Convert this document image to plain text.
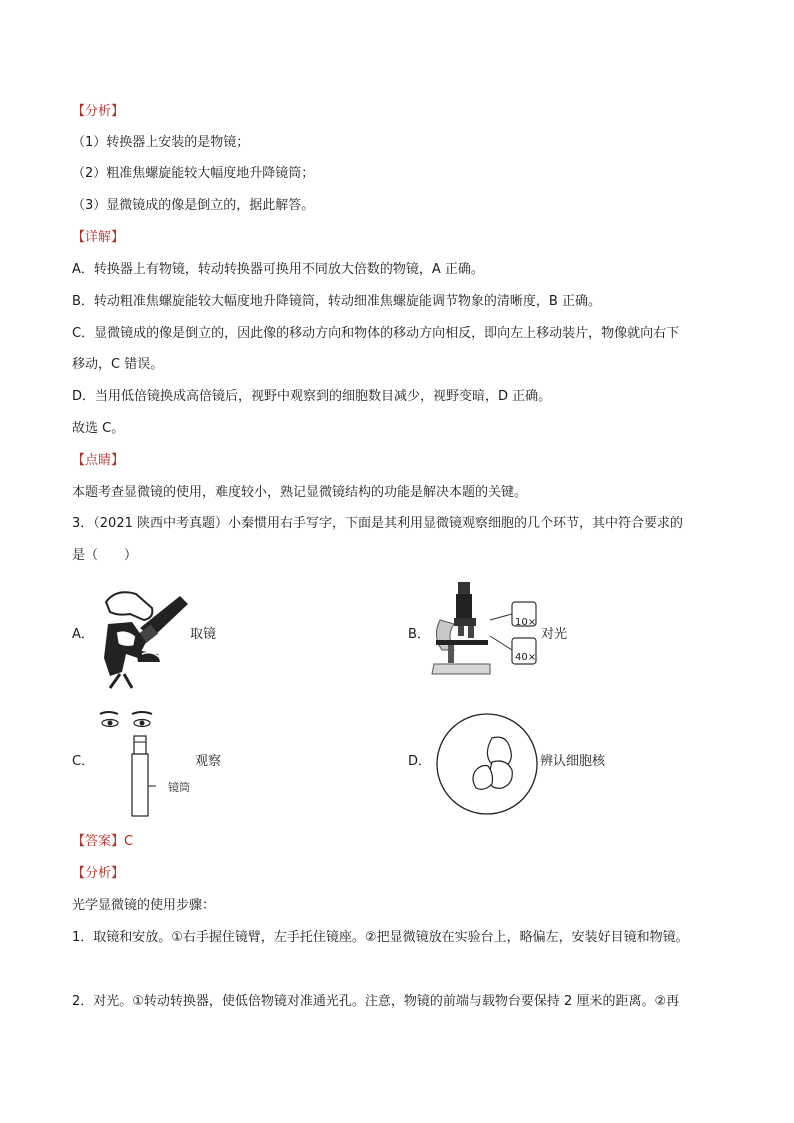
【分析】
（1）转换器上安装的是物镜；
（2）粗准焦螺旋能较大幅度地升降镜筒；
（3）显微镜成的像是倒立的，据此解答。
【详解】
A．转换器上有物镜，转动转换器可换用不同放大倍数的物镜，A 正确。
B．转动粗准焦螺旋能较大幅度地升降镜筒，转动细准焦螺旋能调节物象的清晰度，B 正确。
C．显微镜成的像是倒立的，因此像的移动方向和物体的移动方向相反，即向左上移动装片，物像就向右下
移动，C 错误。
D．当用低倍镜换成高倍镜后，视野中观察到的细胞数目减少，视野变暗，D 正确。
故选 C。
【点睛】
本题考查显微镜的使用，难度较小，熟记显微镜结构的功能是解决本题的关键。
3．（2021 陕西中考真题）小秦惯用右手写字，下面是其利用显微镜观察细胞的几个环节，其中符合要求的
是（　　）
A．	取镜	B．
10×
40×
对光
C．	观察
镜筒
D．	辨认细胞核
【答案】C
【分析】
光学显微镜的使用步骤：
1．取镜和安放。①右手握住镜臂，左手托住镜座。②把显微镜放在实验台上，略偏左，安装好目镜和物镜。
2．对光。①转动转换器，使低倍物镜对准通光孔。注意，物镜的前端与载物台要保持 2 厘米的距离。②再
